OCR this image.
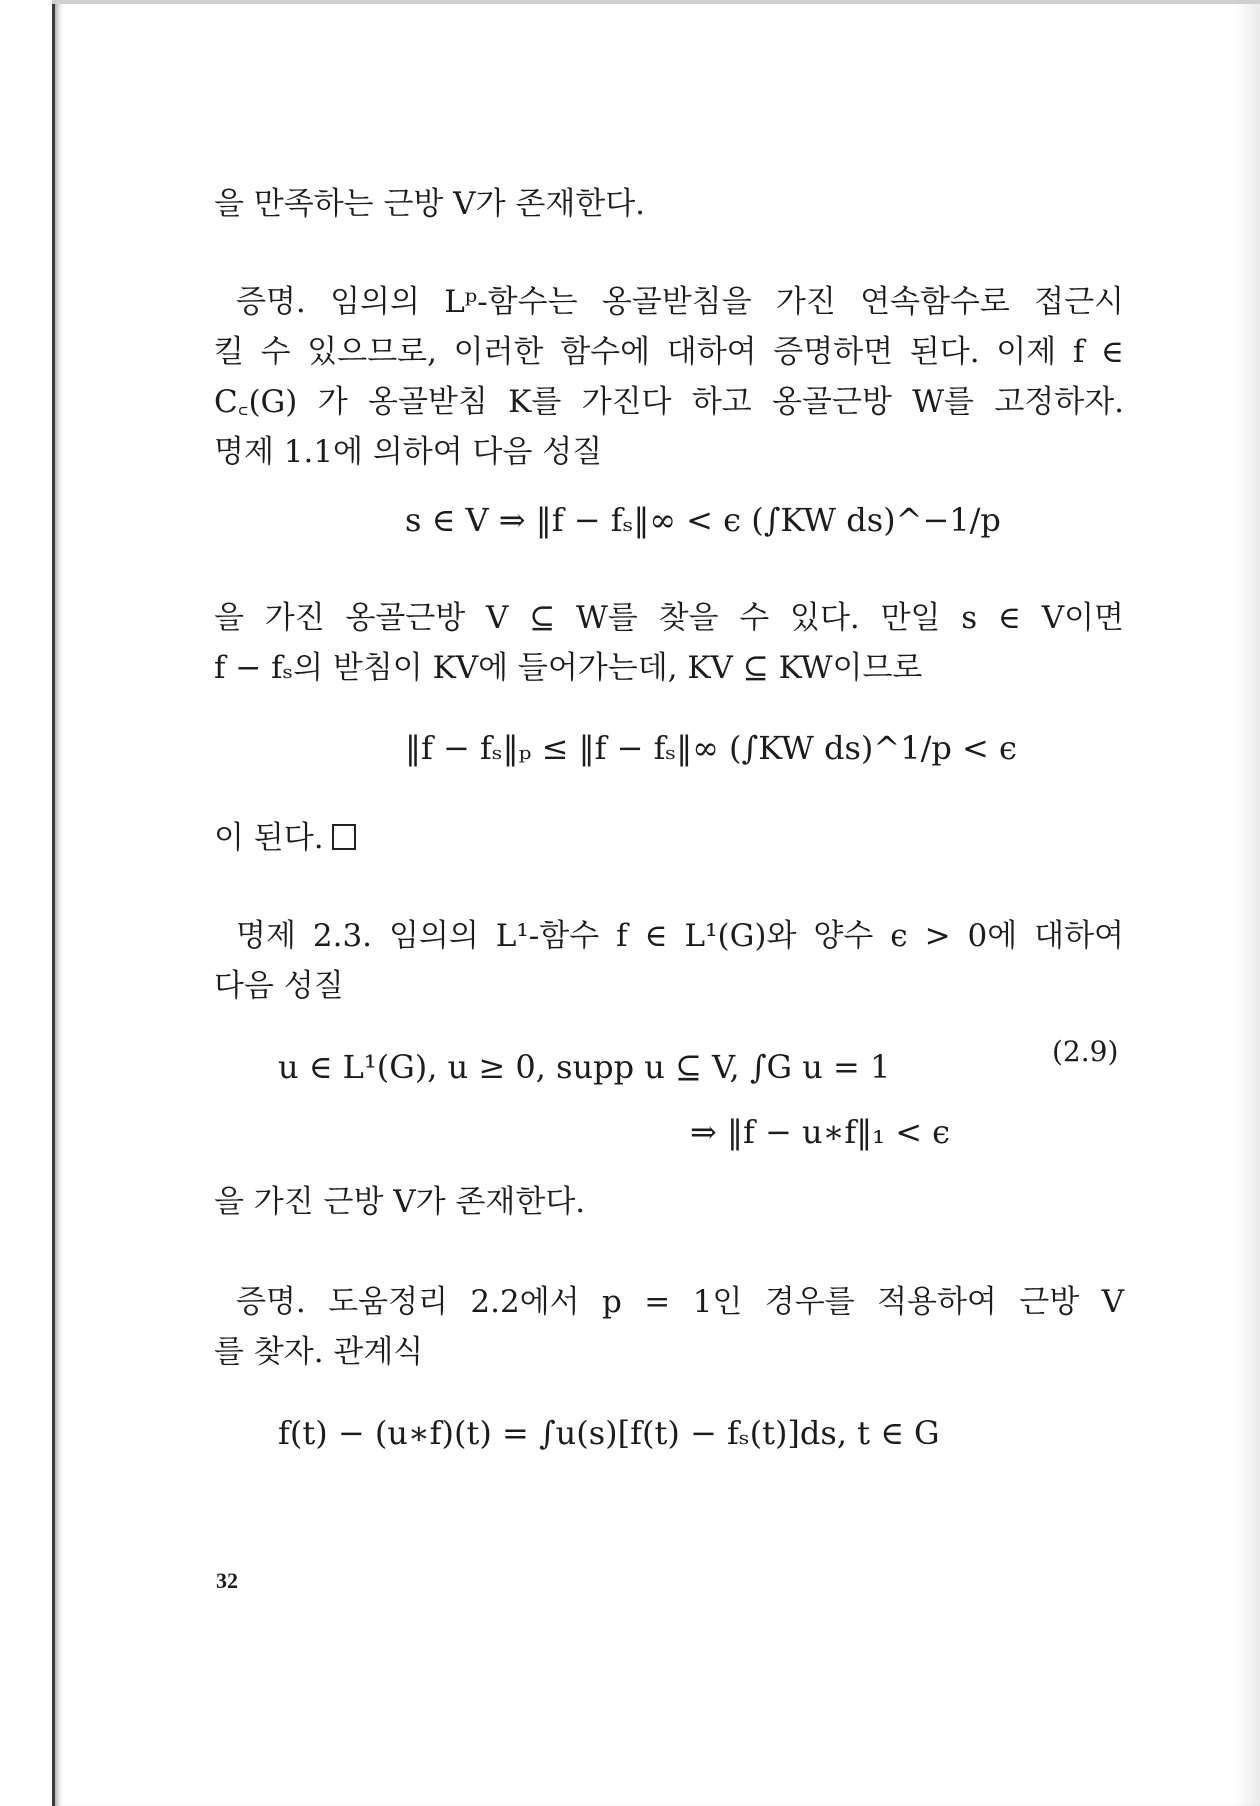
을 만족하는 근방 V가 존재한다.
증명. 임의의 Lᵖ-함수는 옹골받침을 가진 연속함수로 접근시
킬 수 있으므로, 이러한 함수에 대하여 증명하면 된다. 이제 f ∈
C꜀(G) 가 옹골받침 K를 가진다 하고 옹골근방 W를 고정하자.
명제 1.1에 의하여 다음 성질
s ∈ V ⇒ ‖f − fₛ‖∞ < ϵ (∫KW ds)^−1/p
을 가진 옹골근방 V ⊆ W를 찾을 수 있다. 만일 s ∈ V이면
f − fₛ의 받침이 KV에 들어가는데, KV ⊆ KW이므로
‖f − fₛ‖ₚ ≤ ‖f − fₛ‖∞ (∫KW ds)^1/p < ϵ
이 된다.
명제 2.3. 임의의 L¹-함수 f ∈ L¹(G)와 양수 ϵ > 0에 대하여
다음 성질
u ∈ L¹(G), u ≥ 0, supp u ⊆ V, ∫G u = 1	(2.9)
⇒ ‖f − u∗f‖₁ < ϵ
을 가진 근방 V가 존재한다.
증명. 도움정리 2.2에서 p = 1인 경우를 적용하여 근방 V
를 찾자. 관계식
f(t) − (u∗f)(t) = ∫u(s)[f(t) − fₛ(t)]ds, t ∈ G
32
